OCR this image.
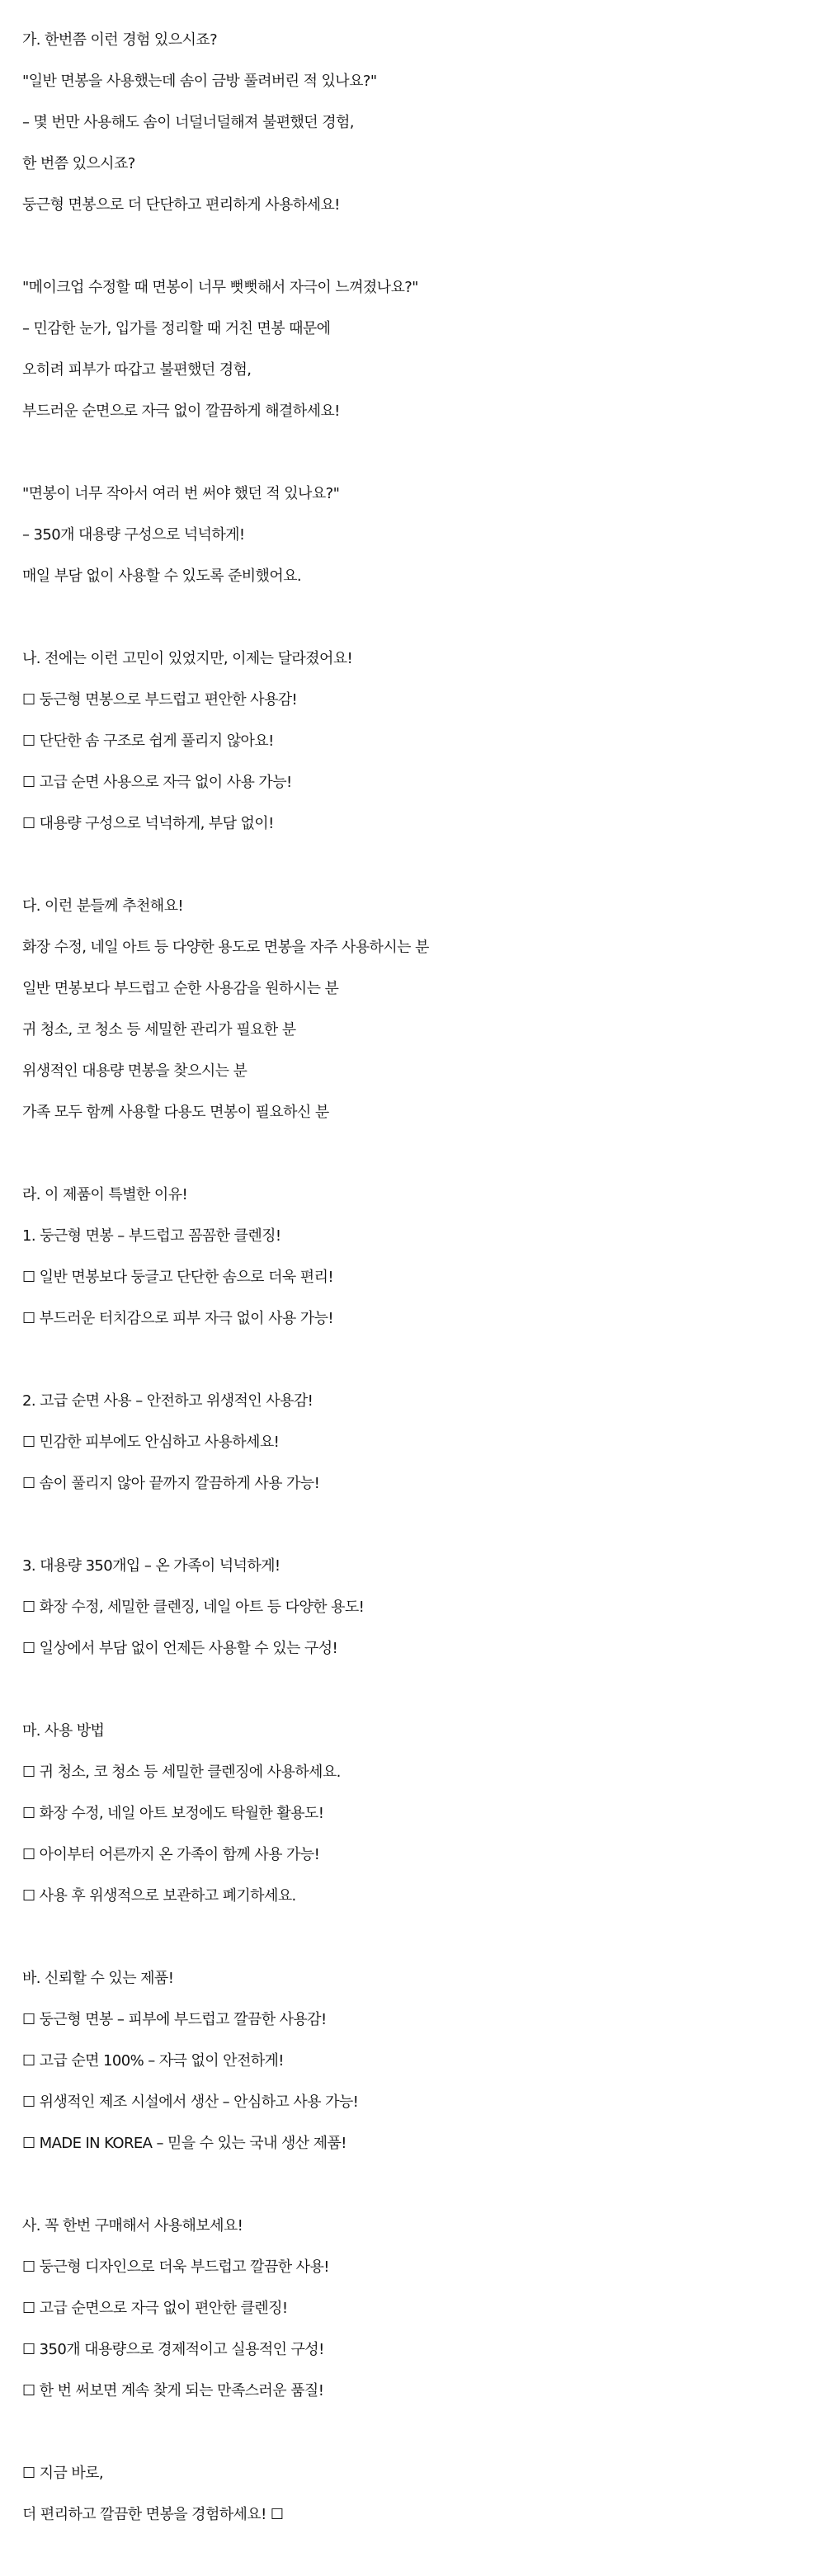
가. 한번쯤 이런 경험 있으시죠?
"일반 면봉을 사용했는데 솜이 금방 풀려버린 적 있나요?"
– 몇 번만 사용해도 솜이 너덜너덜해져 불편했던 경험,
한 번쯤 있으시죠?
둥근형 면봉으로 더 단단하고 편리하게 사용하세요!
"메이크업 수정할 때 면봉이 너무 뻣뻣해서 자극이 느껴졌나요?"
– 민감한 눈가, 입가를 정리할 때 거친 면봉 때문에
오히려 피부가 따갑고 불편했던 경험,
부드러운 순면으로 자극 없이 깔끔하게 해결하세요!
"면봉이 너무 작아서 여러 번 써야 했던 적 있나요?"
– 350개 대용량 구성으로 넉넉하게!
매일 부담 없이 사용할 수 있도록 준비했어요.
나. 전에는 이런 고민이 있었지만, 이제는 달라졌어요!
☐ 둥근형 면봉으로 부드럽고 편안한 사용감!
☐ 단단한 솜 구조로 쉽게 풀리지 않아요!
☐ 고급 순면 사용으로 자극 없이 사용 가능!
☐ 대용량 구성으로 넉넉하게, 부담 없이!
다. 이런 분들께 추천해요!
화장 수정, 네일 아트 등 다양한 용도로 면봉을 자주 사용하시는 분
일반 면봉보다 부드럽고 순한 사용감을 원하시는 분
귀 청소, 코 청소 등 세밀한 관리가 필요한 분
위생적인 대용량 면봉을 찾으시는 분
가족 모두 함께 사용할 다용도 면봉이 필요하신 분
라. 이 제품이 특별한 이유!
1. 둥근형 면봉 – 부드럽고 꼼꼼한 클렌징!
☐ 일반 면봉보다 둥글고 단단한 솜으로 더욱 편리!
☐ 부드러운 터치감으로 피부 자극 없이 사용 가능!
2. 고급 순면 사용 – 안전하고 위생적인 사용감!
☐ 민감한 피부에도 안심하고 사용하세요!
☐ 솜이 풀리지 않아 끝까지 깔끔하게 사용 가능!
3. 대용량 350개입 – 온 가족이 넉넉하게!
☐ 화장 수정, 세밀한 클렌징, 네일 아트 등 다양한 용도!
☐ 일상에서 부담 없이 언제든 사용할 수 있는 구성!
마. 사용 방법
☐ 귀 청소, 코 청소 등 세밀한 클렌징에 사용하세요.
☐ 화장 수정, 네일 아트 보정에도 탁월한 활용도!
☐ 아이부터 어른까지 온 가족이 함께 사용 가능!
☐ 사용 후 위생적으로 보관하고 폐기하세요.
바. 신뢰할 수 있는 제품!
☐ 둥근형 면봉 – 피부에 부드럽고 깔끔한 사용감!
☐ 고급 순면 100% – 자극 없이 안전하게!
☐ 위생적인 제조 시설에서 생산 – 안심하고 사용 가능!
☐ MADE IN KOREA – 믿을 수 있는 국내 생산 제품!
사. 꼭 한번 구매해서 사용해보세요!
☐ 둥근형 디자인으로 더욱 부드럽고 깔끔한 사용!
☐ 고급 순면으로 자극 없이 편안한 클렌징!
☐ 350개 대용량으로 경제적이고 실용적인 구성!
☐ 한 번 써보면 계속 찾게 되는 만족스러운 품질!
☐ 지금 바로,
더 편리하고 깔끔한 면봉을 경험하세요! ☐
